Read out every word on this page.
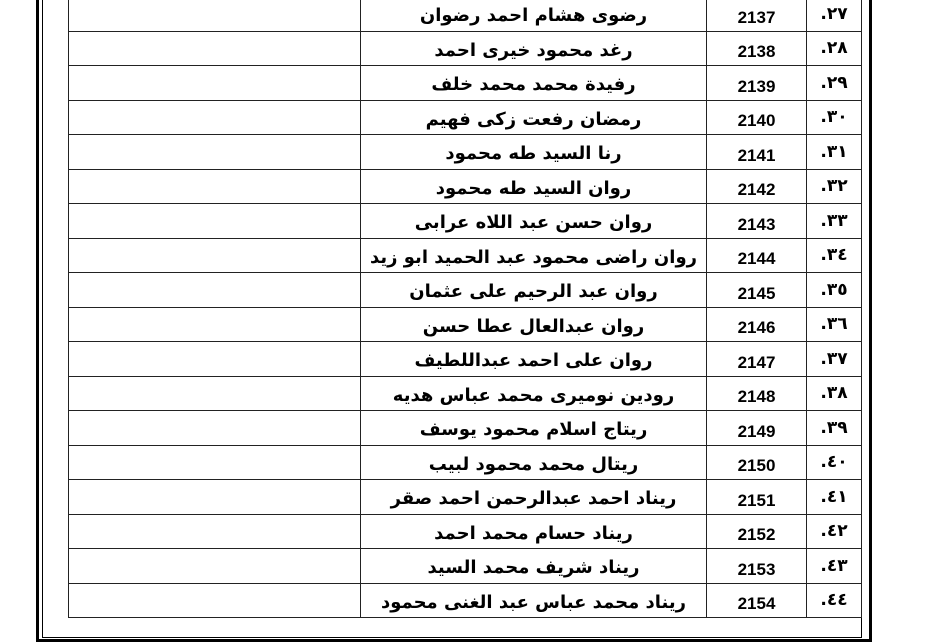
	رضوى هشام احمد رضوان	2137	٢٧.
	رغد محمود خيرى احمد	2138	٢٨.
	رفيدة محمد محمد خلف	2139	٢٩.
	رمضان رفعت زكى فهيم	2140	٣٠.
	رنا السيد طه محمود	2141	٣١.
	روان السيد طه محمود	2142	٣٢.
	روان حسن عبد اللاه عرابى	2143	٣٣.
	روان راضى محمود عبد الحميد ابو زيد	2144	٣٤.
	روان عبد الرحيم على عثمان	2145	٣٥.
	روان عبدالعال عطا حسن	2146	٣٦.
	روان على احمد عبداللطيف	2147	٣٧.
	رودين نوميرى محمد عباس هديه	2148	٣٨.
	ريتاج اسلام محمود يوسف	2149	٣٩.
	ريتال محمد محمود لبيب	2150	٤٠.
	ريناد احمد عبدالرحمن احمد صقر	2151	٤١.
	ريناد حسام محمد احمد	2152	٤٢.
	ريناد شريف محمد السيد	2153	٤٣.
	ريناد محمد عباس عبد الغنى محمود	2154	٤٤.
